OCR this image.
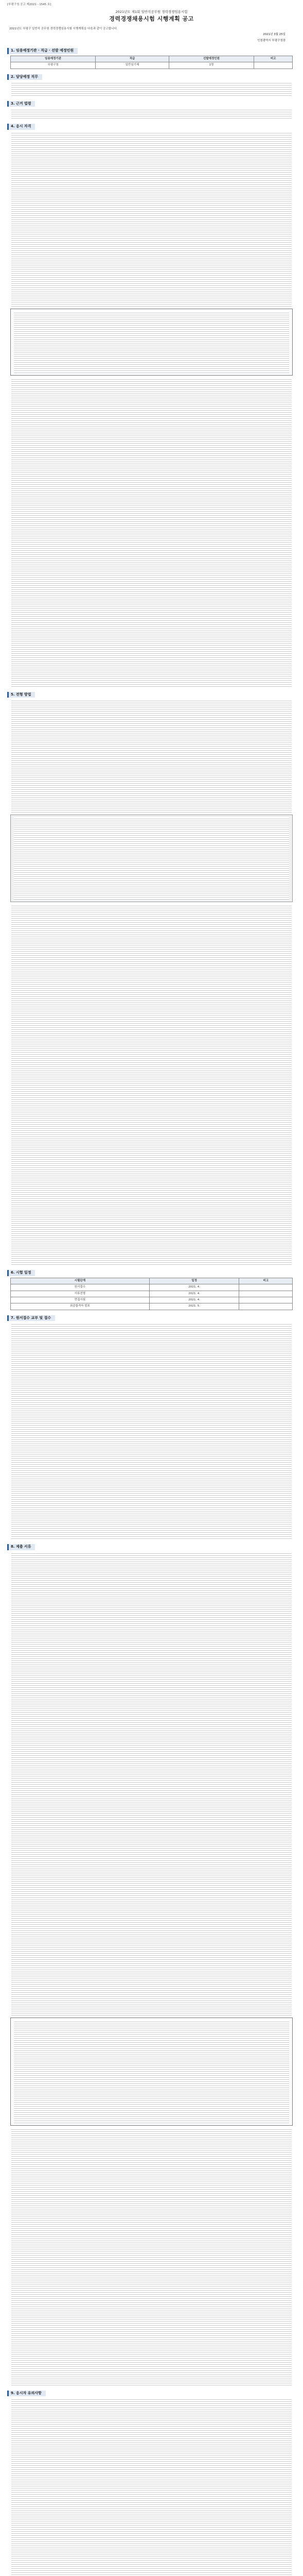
[부평구청 공고 제2021 - 1545 호]
2021년도 제1회 일반직공무원 경력경쟁임용시험
경력경쟁채용시험 시행계획 공고
2021년도 부평구 일반직 공무원 경력경쟁임용시험 시행계획을 다음과 같이 공고합니다.
2021년 3월 25일
인천광역시 부평구청장
1. 임용예정기관 · 직급 · 선발 예정인원
임용예정기관	직급	선발예정인원	비고
부평구청	일반임기제	1명	
2. 담당예정 직무
3. 근거 법령
4. 응시 자격
5. 전형 방법
6. 시험 일정
시험단계	일정	비고
원서접수	2021. 4.	
서류전형	2021. 4.	
면접시험	2021. 4.	
최종합격자 발표	2021. 5.	
7. 원서접수 교부 및 접수
8. 제출 서류
9. 응시자 유의사항
